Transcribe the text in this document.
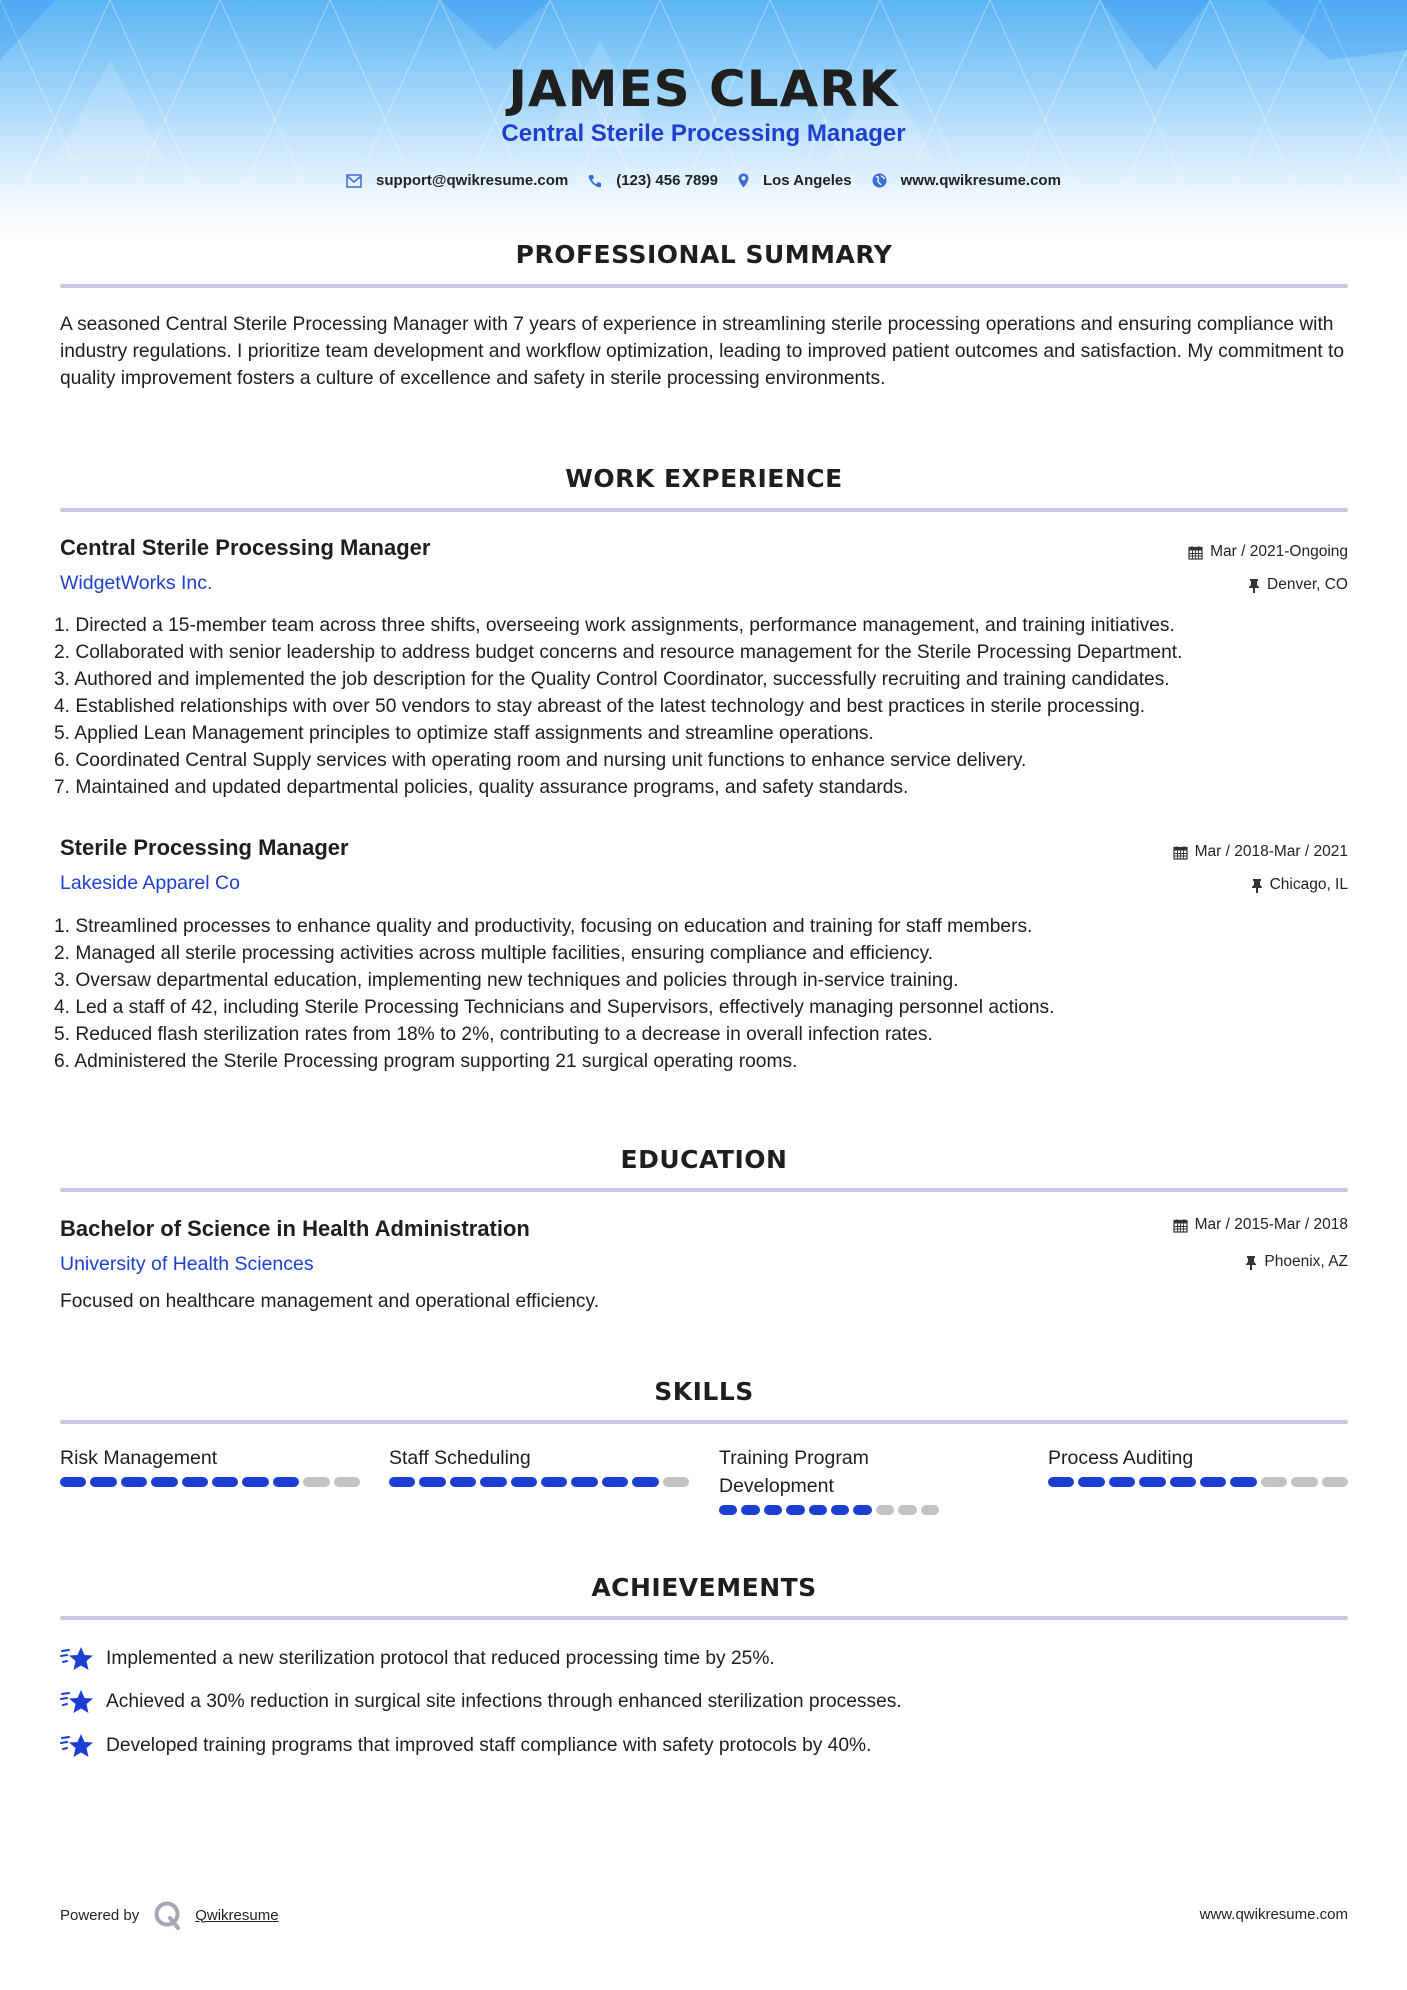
JAMES CLARK
Central Sterile Processing Manager
support@qwikresume.com	(123) 456 7899	Los Angeles	www.qwikresume.com
PROFESSIONAL SUMMARY
A seasoned Central Sterile Processing Manager with 7 years of experience in streamlining sterile processing operations and ensuring compliance with industry regulations. I prioritize team development and workflow optimization, leading to improved patient outcomes and satisfaction. My commitment to quality improvement fosters a culture of excellence and safety in sterile processing environments.
WORK EXPERIENCE
Central Sterile Processing Manager	Mar / 2021-Ongoing
WidgetWorks Inc.	Denver, CO
1. Directed a 15-member team across three shifts, overseeing work assignments, performance management, and training initiatives.
2. Collaborated with senior leadership to address budget concerns and resource management for the Sterile Processing Department.
3. Authored and implemented the job description for the Quality Control Coordinator, successfully recruiting and training candidates.
4. Established relationships with over 50 vendors to stay abreast of the latest technology and best practices in sterile processing.
5. Applied Lean Management principles to optimize staff assignments and streamline operations.
6. Coordinated Central Supply services with operating room and nursing unit functions to enhance service delivery.
7. Maintained and updated departmental policies, quality assurance programs, and safety standards.
Sterile Processing Manager	Mar / 2018-Mar / 2021
Lakeside Apparel Co	Chicago, IL
1. Streamlined processes to enhance quality and productivity, focusing on education and training for staff members.
2. Managed all sterile processing activities across multiple facilities, ensuring compliance and efficiency.
3. Oversaw departmental education, implementing new techniques and policies through in-service training.
4. Led a staff of 42, including Sterile Processing Technicians and Supervisors, effectively managing personnel actions.
5. Reduced flash sterilization rates from 18% to 2%, contributing to a decrease in overall infection rates.
6. Administered the Sterile Processing program supporting 21 surgical operating rooms.
EDUCATION
Bachelor of Science in Health Administration	Mar / 2015-Mar / 2018
University of Health Sciences	Phoenix, AZ
Focused on healthcare management and operational efficiency.
SKILLS
Risk Management	Staff Scheduling	Training Program Development
Process Auditing
ACHIEVEMENTS
Implemented a new sterilization protocol that reduced processing time by 25%.
Achieved a 30% reduction in surgical site infections through enhanced sterilization processes.
Developed training programs that improved staff compliance with safety protocols by 40%.
Powered by	Qwikresume	www.qwikresume.com
